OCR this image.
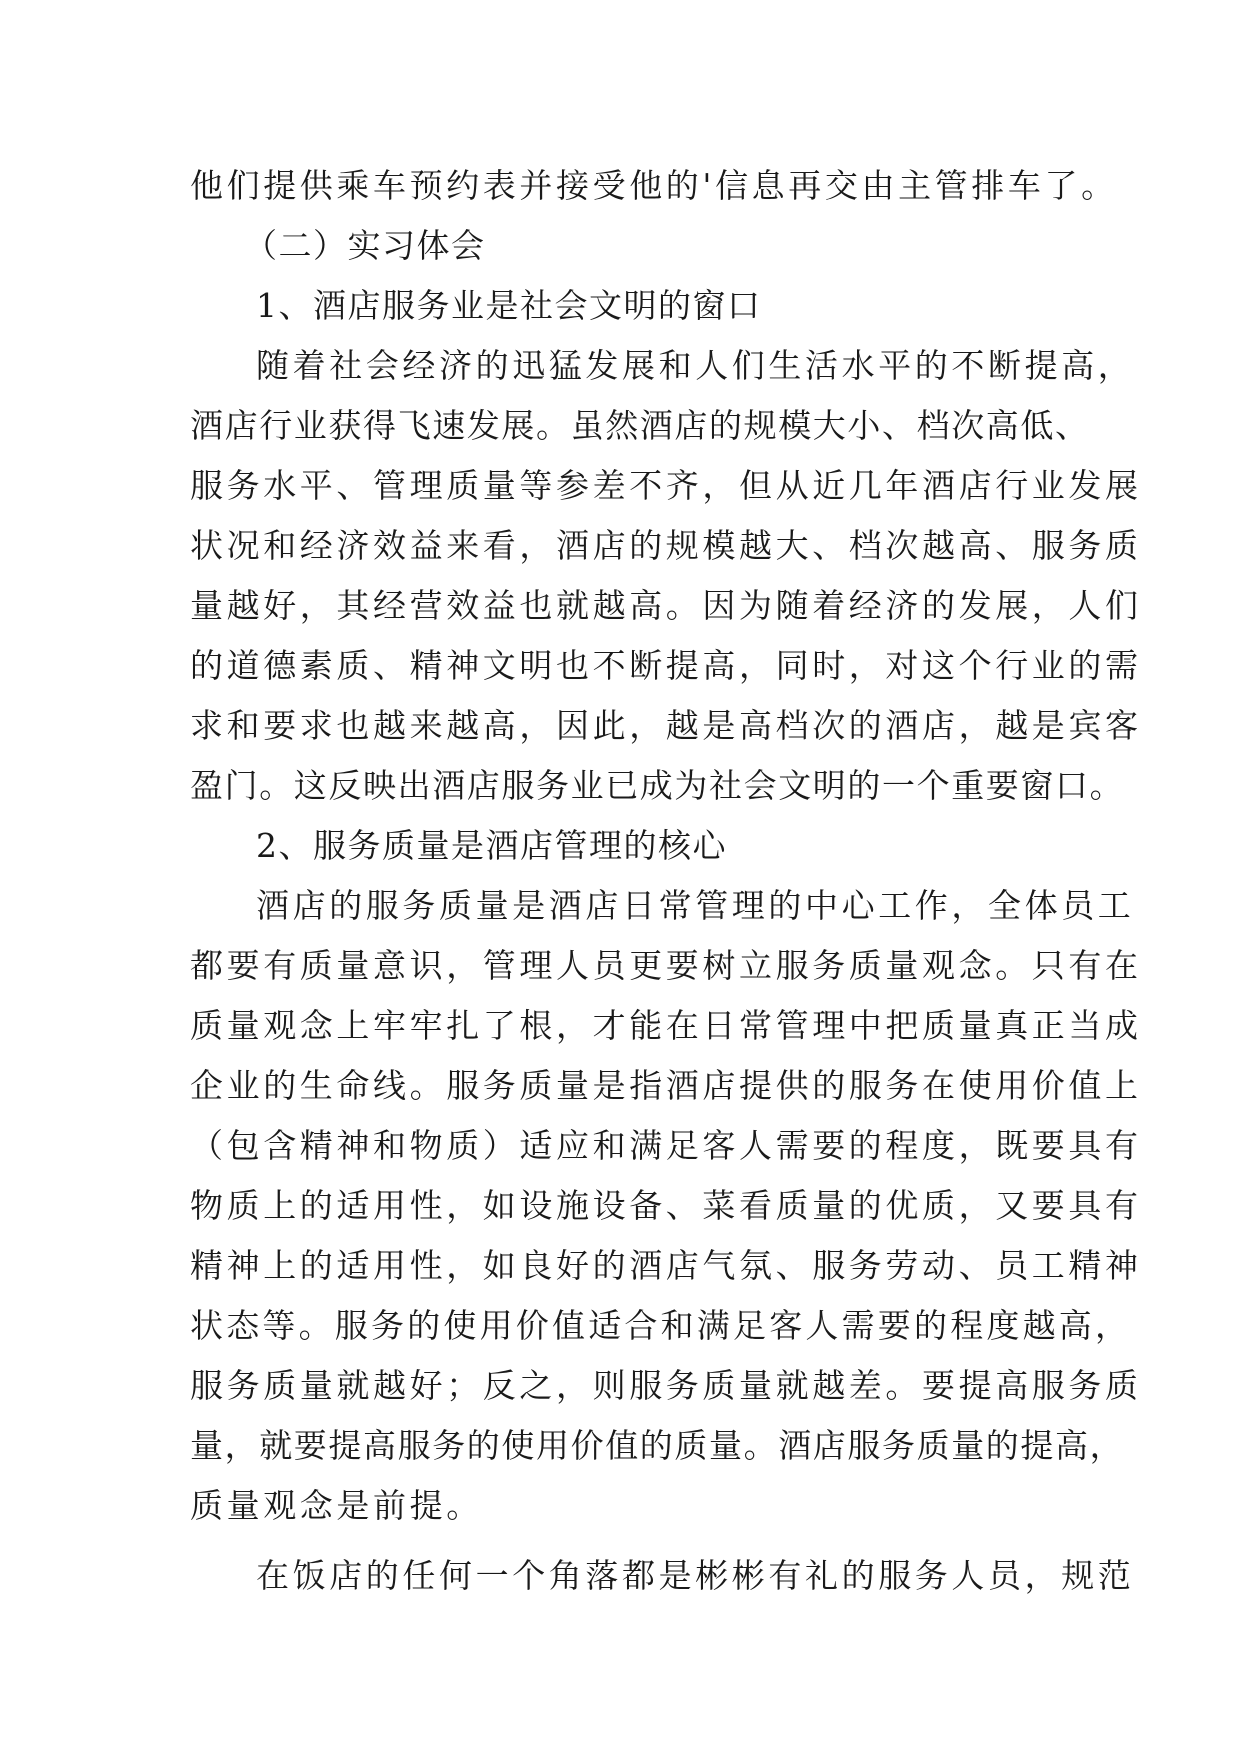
他们提供乘车预约表并接受他的'信息再交由主管排车了。
（二）实习体会
1、酒店服务业是社会文明的窗口
随着社会经济的迅猛发展和人们生活水平的不断提高，
酒店行业获得飞速发展。虽然酒店的规模大小、档次高低、
服务水平、管理质量等参差不齐，但从近几年酒店行业发展
状况和经济效益来看，酒店的规模越大、档次越高、服务质
量越好，其经营效益也就越高。因为随着经济的发展，人们
的道德素质、精神文明也不断提高，同时，对这个行业的需
求和要求也越来越高，因此，越是高档次的酒店，越是宾客
盈门。这反映出酒店服务业已成为社会文明的一个重要窗口。
2、服务质量是酒店管理的核心
酒店的服务质量是酒店日常管理的中心工作，全体员工
都要有质量意识，管理人员更要树立服务质量观念。只有在
质量观念上牢牢扎了根，才能在日常管理中把质量真正当成
企业的生命线。服务质量是指酒店提供的服务在使用价值上
（包含精神和物质）适应和满足客人需要的程度，既要具有
物质上的适用性，如设施设备、菜看质量的优质，又要具有
精神上的适用性，如良好的酒店气氛、服务劳动、员工精神
状态等。服务的使用价值适合和满足客人需要的程度越高，
服务质量就越好；反之，则服务质量就越差。要提高服务质
量，就要提高服务的使用价值的质量。酒店服务质量的提高，
质量观念是前提。
在饭店的任何一个角落都是彬彬有礼的服务人员，规范
